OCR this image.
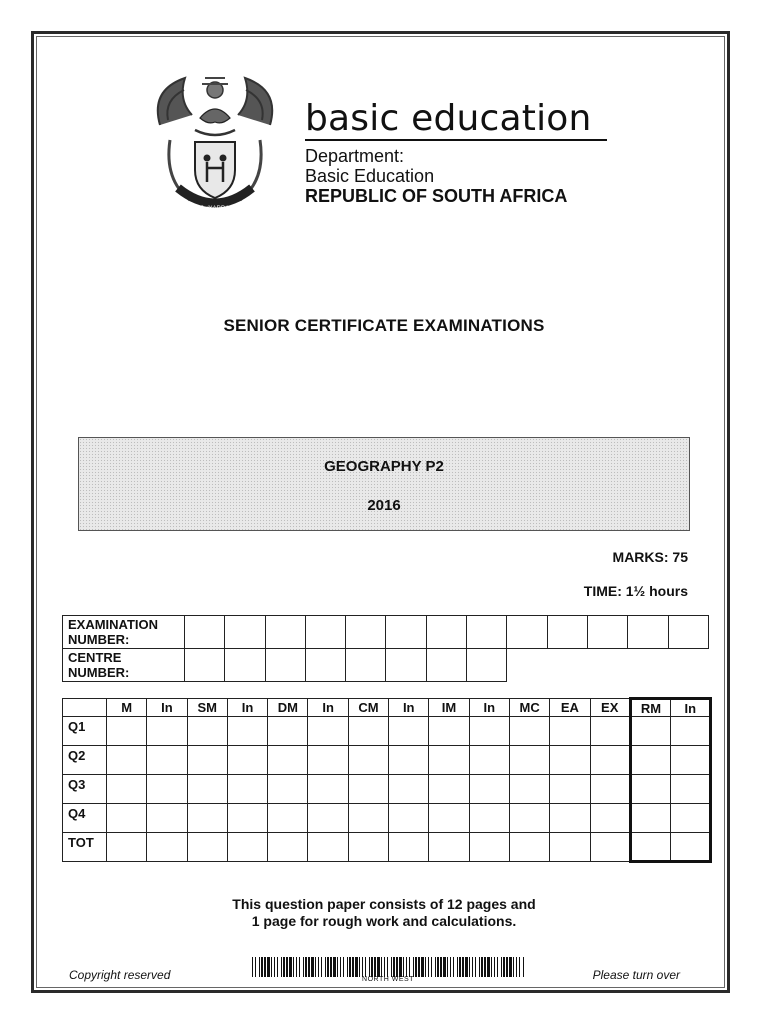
!KE E: /XARRA //KE
basic education
Department:
Basic Education
REPUBLIC OF SOUTH AFRICA
SENIOR CERTIFICATE EXAMINATIONS
GEOGRAPHY P2
2016
MARKS: 75
TIME: 1½ hours
EXAMINATION NUMBER:													
CENTRE NUMBER:													
	M	In	SM	In	DM	In	CM	In	IM	In	MC	EA	EX	RM	In
Q1															
Q2															
Q3															
Q4															
TOT															
This question paper consists of 12 pages and
1 page for rough work and calculations.
Copyright reserved	NORTH WEST	Please turn over
